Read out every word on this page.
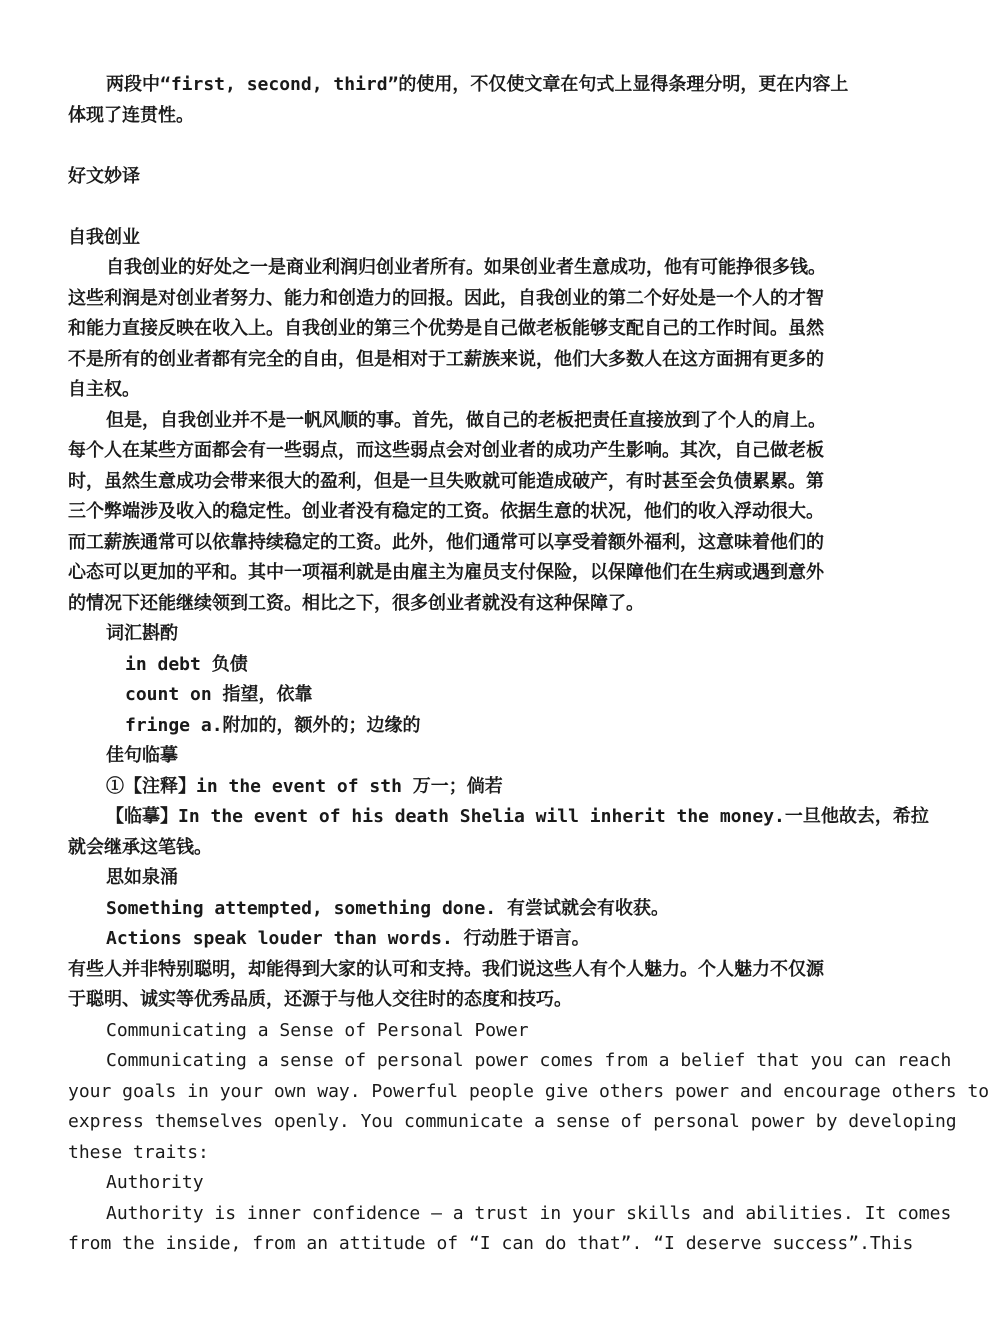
两段中“first, second, third”的使用，不仅使文章在句式上显得条理分明，更在内容上
体现了连贯性。
好文妙译
自我创业
自我创业的好处之一是商业利润归创业者所有。如果创业者生意成功，他有可能挣很多钱。
这些利润是对创业者努力、能力和创造力的回报。因此，自我创业的第二个好处是一个人的才智
和能力直接反映在收入上。自我创业的第三个优势是自己做老板能够支配自己的工作时间。虽然
不是所有的创业者都有完全的自由，但是相对于工薪族来说，他们大多数人在这方面拥有更多的
自主权。
但是，自我创业并不是一帆风顺的事。首先，做自己的老板把责任直接放到了个人的肩上。
每个人在某些方面都会有一些弱点，而这些弱点会对创业者的成功产生影响。其次，自己做老板
时，虽然生意成功会带来很大的盈利，但是一旦失败就可能造成破产，有时甚至会负债累累。第
三个弊端涉及收入的稳定性。创业者没有稳定的工资。依据生意的状况，他们的收入浮动很大。
而工薪族通常可以依靠持续稳定的工资。此外，他们通常可以享受着额外福利，这意味着他们的
心态可以更加的平和。其中一项福利就是由雇主为雇员支付保险，以保障他们在生病或遇到意外
的情况下还能继续领到工资。相比之下，很多创业者就没有这种保障了。
词汇斟酌
in debt 负债
count on 指望，依靠
fringe a.附加的，额外的；边缘的
佳句临摹
①【注释】in the event of sth 万一；倘若
【临摹】In the event of his death Shelia will inherit the money.一旦他故去，希拉
就会继承这笔钱。
思如泉涌
Something attempted, something done. 有尝试就会有收获。
Actions speak louder than words. 行动胜于语言。
有些人并非特别聪明，却能得到大家的认可和支持。我们说这些人有个人魅力。个人魅力不仅源
于聪明、诚实等优秀品质，还源于与他人交往时的态度和技巧。
Communicating a Sense of Personal Power
Communicating a sense of personal power comes from a belief that you can reach
your goals in your own way. Powerful people give others power and encourage others to
express themselves openly. You communicate a sense of personal power by developing
these traits:
Authority
Authority is inner confidence — a trust in your skills and abilities. It comes
from the inside, from an attitude of “I can do that”. “I deserve success”.This
